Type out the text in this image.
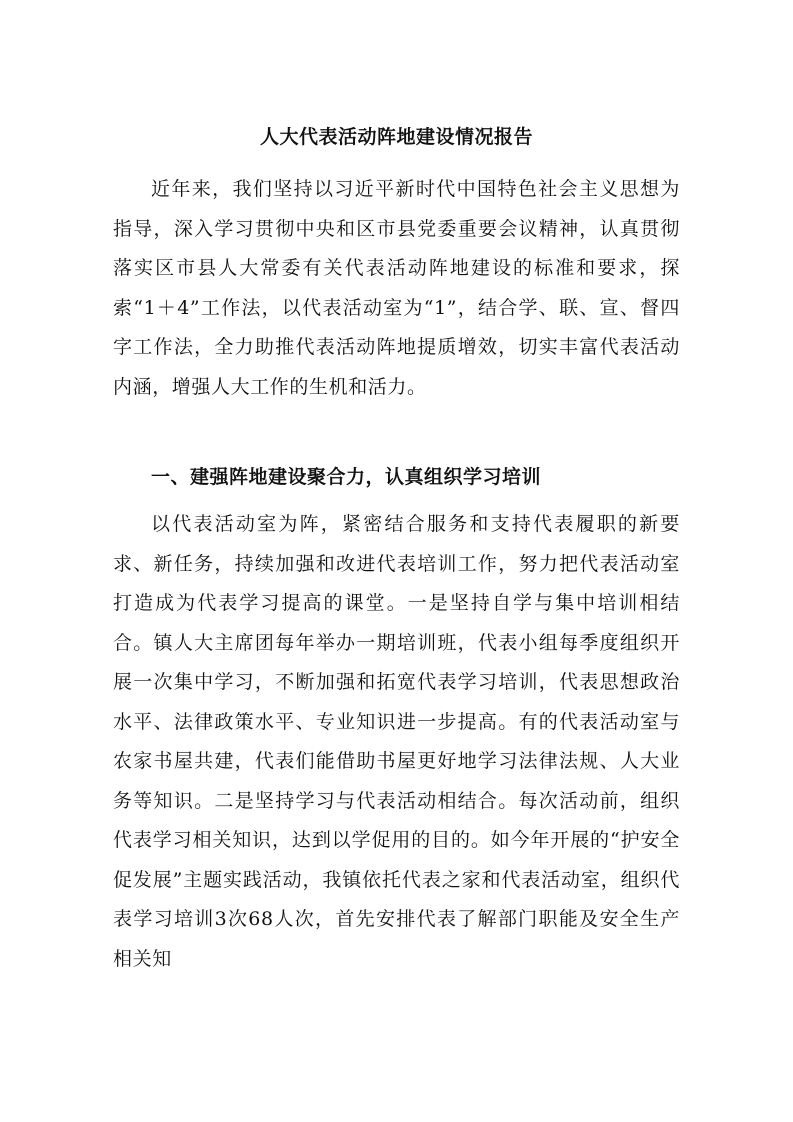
人大代表活动阵地建设情况报告

近年来，我们坚持以习近平新时代中国特色社会主义思想为指导，深入学习贯彻中央和区市县党委重要会议精神，认真贯彻落实区市县人大常委有关代表活动阵地建设的标准和要求，探索“1＋4”工作法，以代表活动室为“1”，结合学、联、宣、督四字工作法，全力助推代表活动阵地提质增效，切实丰富代表活动内涵，增强人大工作的生机和活力。

一、建强阵地建设聚合力，认真组织学习培训

以代表活动室为阵，紧密结合服务和支持代表履职的新要求、新任务，持续加强和改进代表培训工作，努力把代表活动室打造成为代表学习提高的课堂。一是坚持自学与集中培训相结合。镇人大主席团每年举办一期培训班，代表小组每季度组织开展一次集中学习，不断加强和拓宽代表学习培训，代表思想政治水平、法律政策水平、专业知识进一步提高。有的代表活动室与农家书屋共建，代表们能借助书屋更好地学习法律法规、人大业务等知识。二是坚持学习与代表活动相结合。每次活动前，组织代表学习相关知识，达到以学促用的目的。如今年开展的“护安全促发展”主题实践活动，我镇依托代表之家和代表活动室，组织代表学习培训3次68人次，首先安排代表了解部门职能及安全生产相关知
